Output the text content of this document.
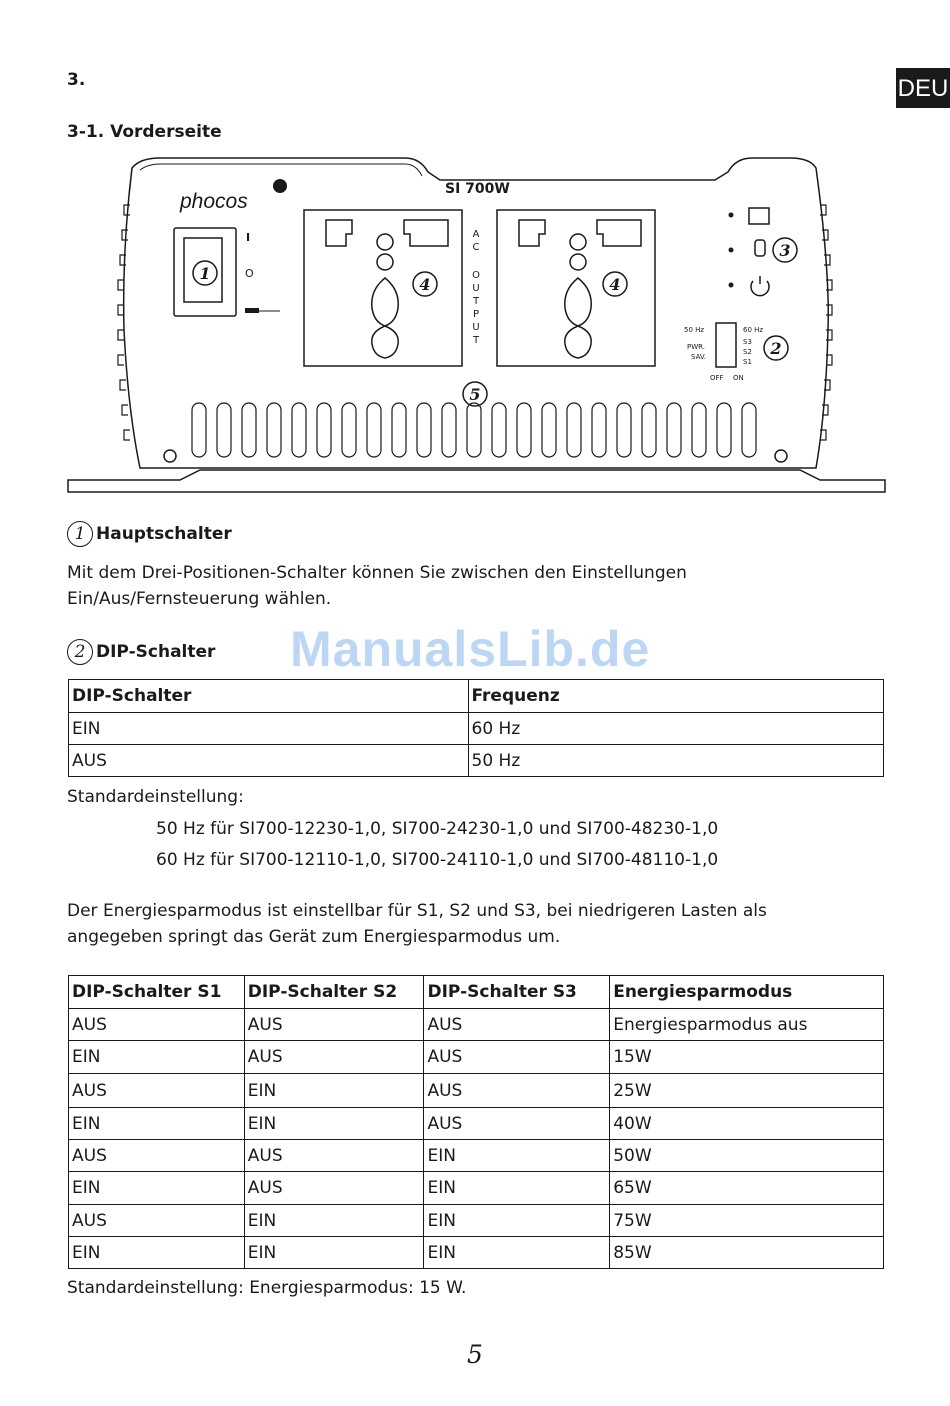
DEU
3.
3-1. Vorderseite
phocos
SI 700W
I
O
A
C
O
U
T
P
U
T
50 Hz
PWR.
SAV.
60 Hz
S3
S2
S1
OFF ON
1
2
3
4	4
5
1 Hauptschalter
Mit dem Drei-Positionen-Schalter können Sie zwischen den Einstellungen
Ein/Aus/Fernsteuerung wählen.
2 DIP-Schalter ManualsLib.de
DIP-Schalter	Frequenz
EIN	60 Hz
AUS	50 Hz
Standardeinstellung:
50 Hz für SI700-12230-1,0, SI700-24230-1,0 und SI700-48230-1,0
60 Hz für SI700-12110-1,0, SI700-24110-1,0 und SI700-48110-1,0
Der Energiesparmodus ist einstellbar für S1, S2 und S3, bei niedrigeren Lasten als
angegeben springt das Gerät zum Energiesparmodus um.
DIP-Schalter S1	DIP-Schalter S2	DIP-Schalter S3	Energiesparmodus
AUS	AUS	AUS	Energiesparmodus aus
EIN	AUS	AUS	15W
AUS	EIN	AUS	25W
EIN	EIN	AUS	40W
AUS	AUS	EIN	50W
EIN	AUS	EIN	65W
AUS	EIN	EIN	75W
EIN	EIN	EIN	85W
Standardeinstellung: Energiesparmodus: 15 W.
5
